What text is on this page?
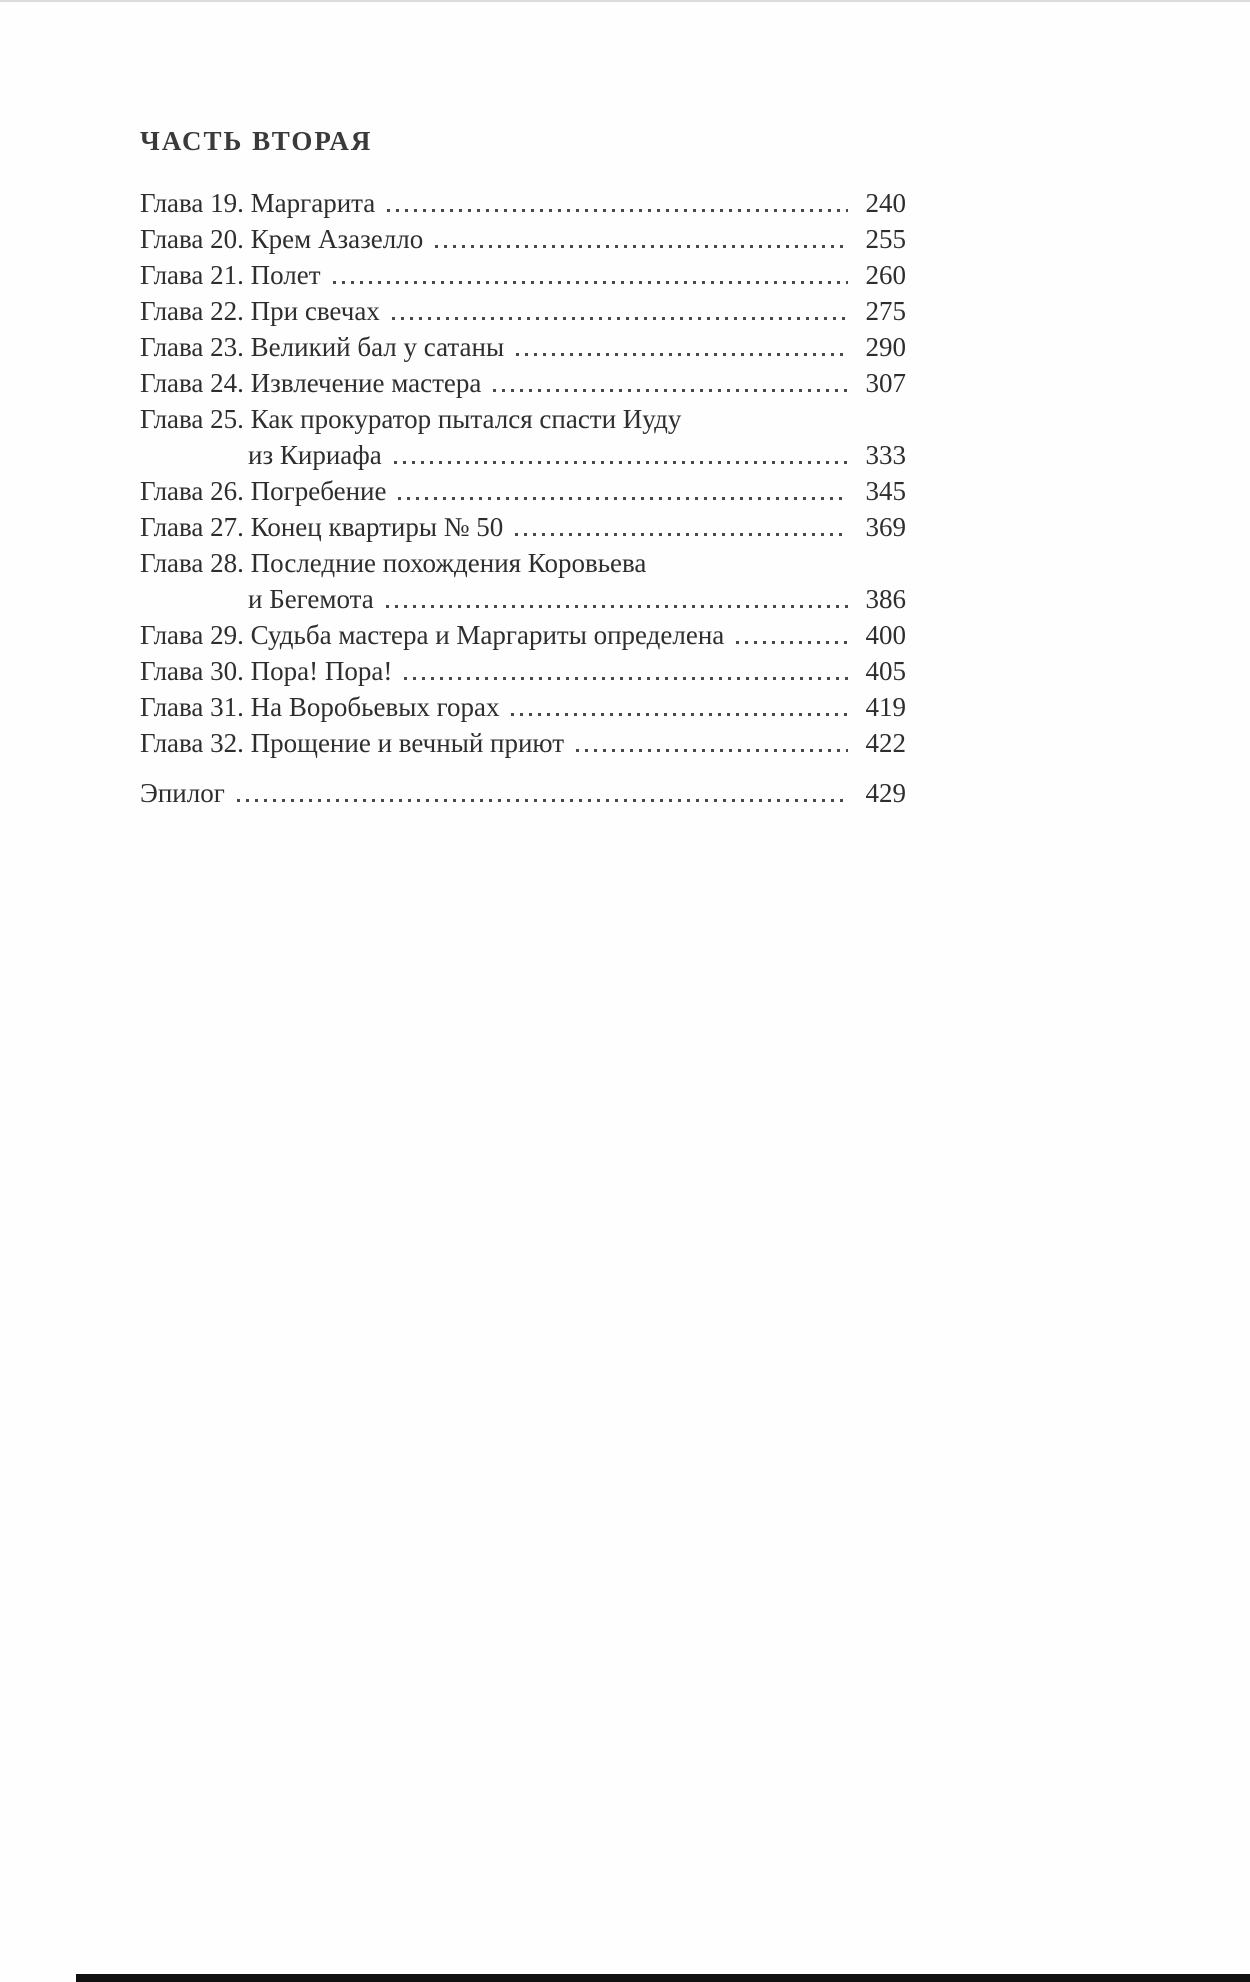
ЧАСТЬ ВТОРАЯ
Глава 19. Маргарита	240
Глава 20. Крем Азазелло	255
Глава 21. Полет	260
Глава 22. При свечах	275
Глава 23. Великий бал у сатаны	290
Глава 24. Извлечение мастера	307
Глава 25. Как прокуратор пытался спасти Иуду
из Кириафа	333
Глава 26. Погребение	345
Глава 27. Конец квартиры № 50	369
Глава 28. Последние похождения Коровьева
и Бегемота	386
Глава 29. Судьба мастера и Маргариты определена	400
Глава 30. Пора! Пора!	405
Глава 31. На Воробьевых горах	419
Глава 32. Прощение и вечный приют	422
Эпилог	429
